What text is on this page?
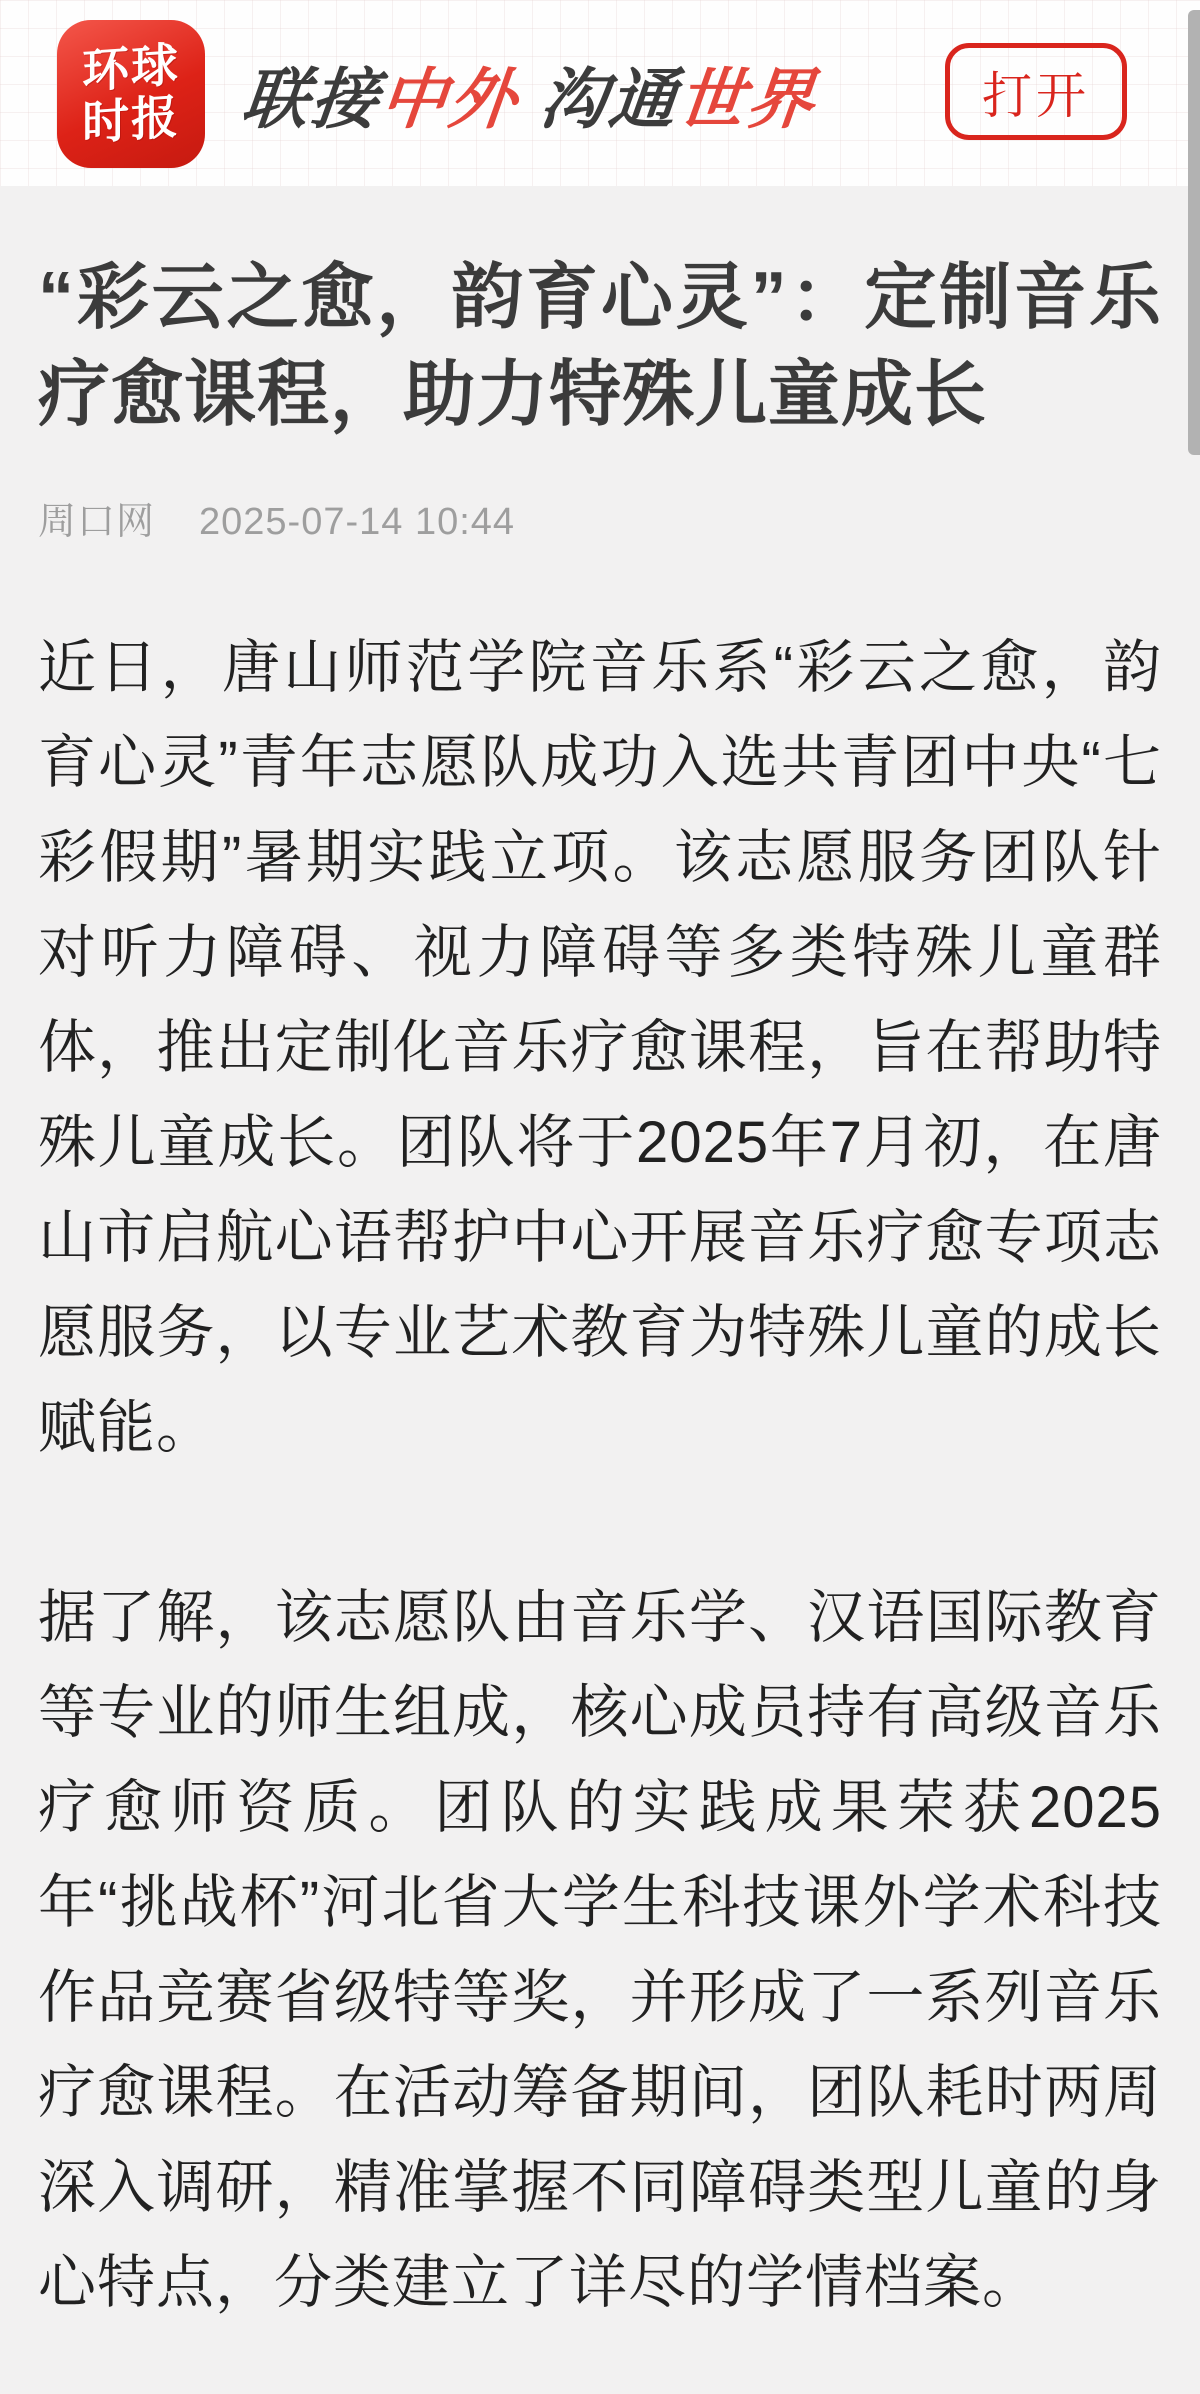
环球
时报 联接
中外 沟通
世界	打开
“彩云之愈，韵育心灵”：定制音乐疗愈课程，助力特殊儿童成长
周口网 2025-07-14 10:44

近日，唐山师范学院音乐系“彩云之愈，韵育心灵”青年志愿队成功入选共青团中央“七彩假期”暑期实践立项。该志愿服务团队针对听力障碍、视力障碍等多类特殊儿童群体，推出定制化音乐疗愈课程，旨在帮助特殊儿童成长。团队将于2025年7月初，在唐山市启航心语帮护中心开展音乐疗愈专项志愿服务，以专业艺术教育为特殊儿童的成长赋能。

据了解，该志愿队由音乐学、汉语国际教育等专业的师生组成，核心成员持有高级音乐疗愈师资质。团队的实践成果荣获2025年“挑战杯”河北省大学生科技课外学术科技作品竞赛省级特等奖，并形成了一系列音乐疗愈课程。在活动筹备期间，团队耗时两周深入调研，精准掌握不同障碍类型儿童的身心特点，分类建立了详尽的学情档案。
